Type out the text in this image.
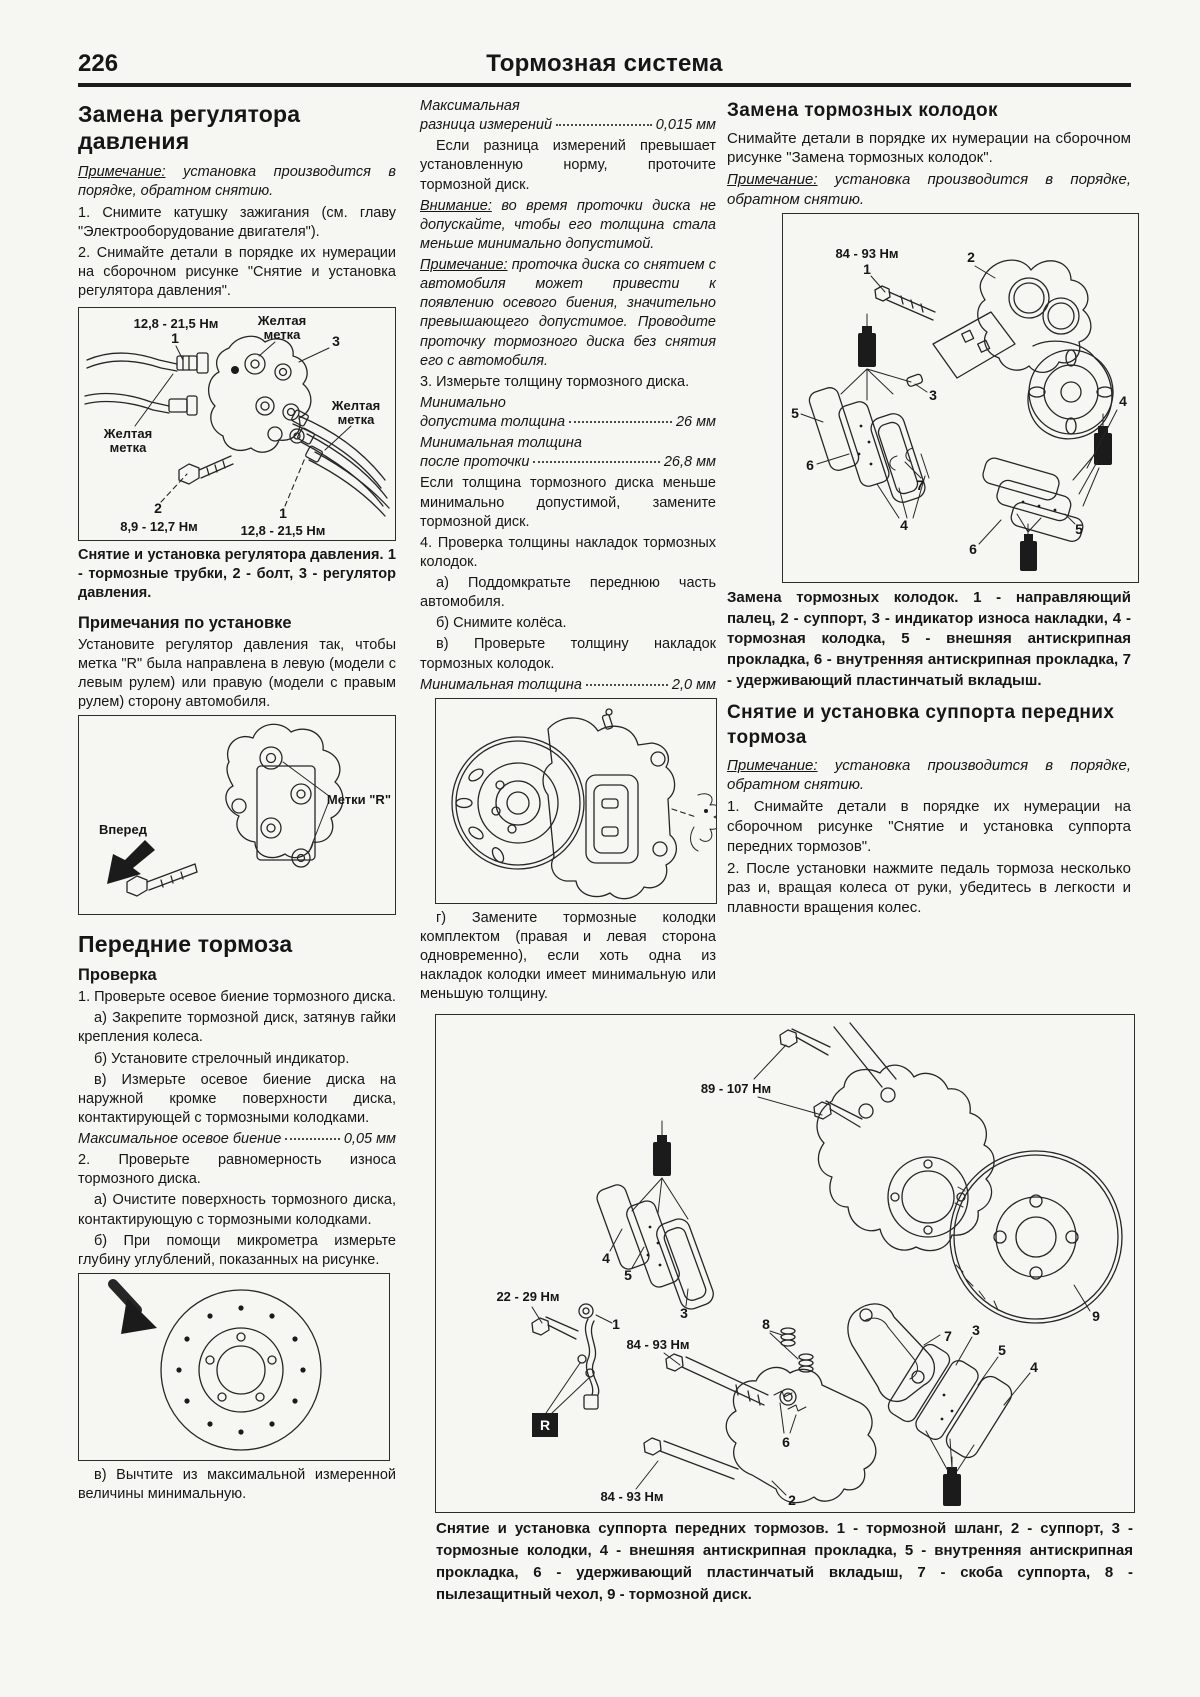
226	Тормозная система
Замена регулятора давления

Примечание: установка производится в порядке, обратном снятию.

1. Снимите катушку зажигания (см. главу "Электрооборудование двигателя").

2. Снимайте детали в порядке их нумерации на сборочном рисунке "Снятие и установка регулятора давления".

12,8 - 21,5 Нм
1
Желтая
метка 3
Желтая
метка
Желтая
метка
2
8,9 - 12,7 Нм
1
12,8 - 21,5 Нм

Снятие и установка регулятора давления. 1 - тормозные трубки, 2 - болт, 3 - регулятор давления.

Примечания по установке

Установите регулятор давления так, чтобы метка "R" была направлена в левую (модели с левым рулем) или правую (модели с правым рулем) сторону автомобиля.

Метки "R"
Вперед
Передние тормоза
Проверка

1. Проверьте осевое биение тормозного диска.

а) Закрепите тормозной диск, затянув гайки крепления колеса.

б) Установите стрелочный индикатор.

в) Измерьте осевое биение диска на наружной кромке поверхности диска, контактирующей с тормозными колодками.

Максимальное осевое биение	0,05 мм

2. Проверьте равномерность износа тормозного диска.

а) Очистите поверхность тормозного диска, контактирующую с тормозными колодками.

б) При помощи микрометра измерьте глубину углублений, показанных на рисунке.

в) Вычтите из максимальной измеренной величины минимальную.

Максимальная

разница измерений	0,015 мм

Если разница измерений превышает установленную норму, проточите тормозной диск.

Внимание: во время проточки диска не допускайте, чтобы его толщина стала меньше минимально допустимой.

Примечание: проточка диска со снятием с автомобиля может привести к появлению осевого биения, значительно превышающего допустимое. Проводите проточку тормозного диска без снятия его с автомобиля.

3. Измерьте толщину тормозного диска.

Минимально

допустима толщина	26 мм

Минимальная толщина

после проточки	26,8 мм

Если толщина тормозного диска меньше минимально допустимой, замените тормозной диск.

4. Проверка толщины накладок тормозных колодок.

а) Поддомкратьте переднюю часть автомобиля.

б) Снимите колёса.

в) Проверьте толщину накладок тормозных колодок.

Минимальная толщина	2,0 мм

г) Замените тормозные колодки комплектом (правая и левая сторона одновременно), если хоть одна из накладок колодки имеет минимальную или меньшую толщину.

Замена тормозных колодок

Снимайте детали в порядке их нумерации на сборочном рисунке "Замена тормозных колодок".

Примечание: установка производится в порядке, обратном снятию.

84 - 93 Нм
1
2
3
5
6
7
4
6
5
4

Замена тормозных колодок. 1 - направляющий палец, 2 - суппорт, 3 - индикатор износа накладки, 4 - тормозная колодка, 5 - внешняя антискрипная прокладка, 6 - внутренняя антискрипная прокладка, 7 - удерживающий пластинчатый вкладыш.

Снятие и установка суппорта передних тормоза

Примечание: установка производится в порядке, обратном снятию.

1. Снимайте детали в порядке их нумерации на сборочном рисунке "Снятие и установка суппорта передних тормозов".

2. После установки нажмите педаль тормоза несколько раз и, вращая колеса от руки, убедитесь в легкости и плавности вращения колес.

89 - 107 Нм
22 - 29 Нм
1
84 - 93 Нм
84 - 93 Нм	2
4
5
3
8
6
7 3
5
4
9
R

Снятие и установка суппорта передних тормозов. 1 - тормозной шланг, 2 - суппорт, 3 - тормозные колодки, 4 - внешняя антискрипная прокладка, 5 - внутренняя антискрипная прокладка, 6 - удерживающий пластинчатый вкладыш, 7 - скоба суппорта, 8 - пылезащитный чехол, 9 - тормозной диск.
